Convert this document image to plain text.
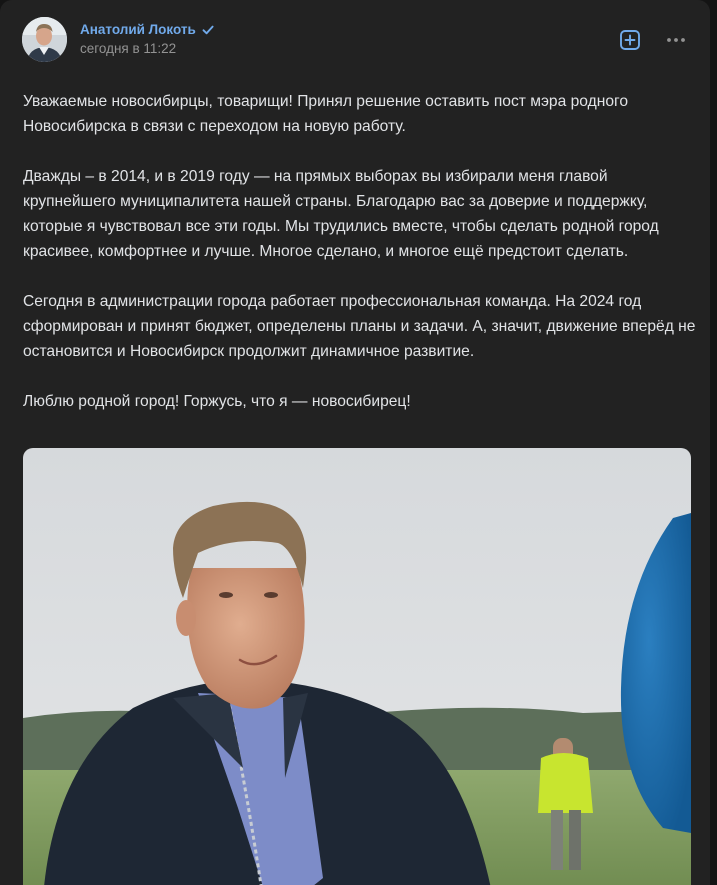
Анатолий Локоть
сегодня в 11:22

Уважаемые новосибирцы, товарищи! Принял решение оставить пост мэра родного Новосибирска в связи с переходом на новую работу.

Дважды – в 2014, и в 2019 году — на прямых выборах вы избирали меня главой крупнейшего муниципалитета нашей страны. Благодарю вас за доверие и поддержку, которые я чувствовал все эти годы. Мы трудились вместе, чтобы сделать родной город красивее, комфортнее и лучше. Многое сделано, и многое ещё предстоит сделать.

Сегодня в администрации города работает профессиональная команда. На 2024 год сформирован и принят бюджет, определены планы и задачи. А, значит, движение вперёд не остановится и Новосибирск продолжит динамичное развитие.

Люблю родной город! Горжусь, что я — новосибирец!
